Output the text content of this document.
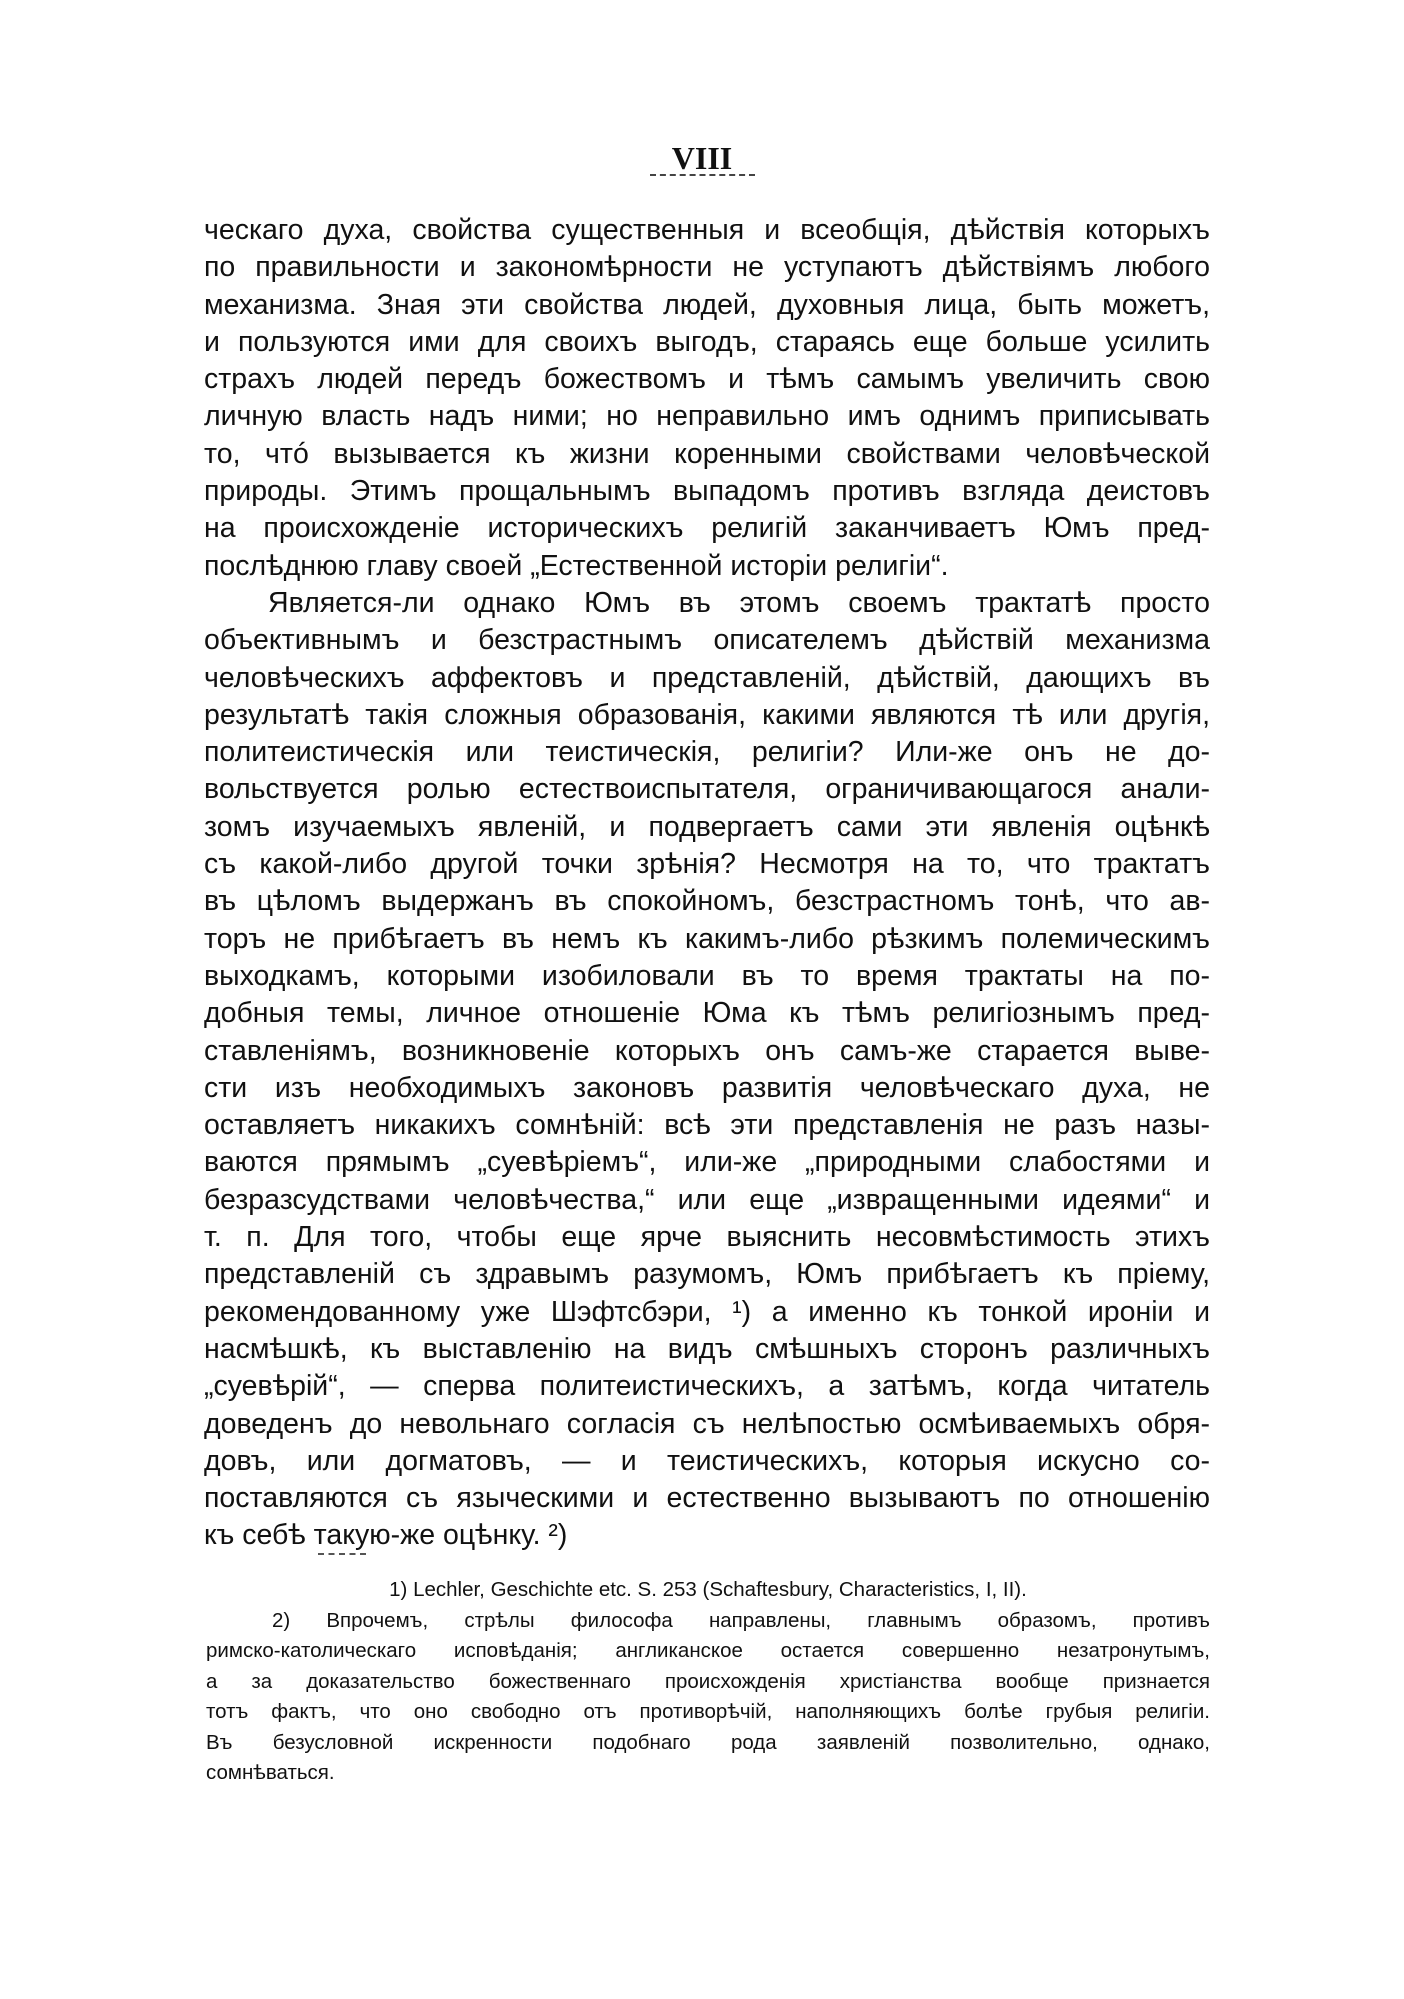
VIII
ческаго духа, свойства существенныя и всеобщія, дѣйствія которыхъ
по правильности и закономѣрности не уступаютъ дѣйствіямъ любого
механизма. Зная эти свойства людей, духовныя лица, быть можетъ,
и пользуются ими для своихъ выгодъ, стараясь еще больше усилить
страхъ людей передъ божествомъ и тѣмъ самымъ увеличить свою
личную власть надъ ними; но неправильно имъ однимъ приписывать
то, чтó вызывается къ жизни коренными свойствами человѣческой
природы. Этимъ прощальнымъ выпадомъ противъ взгляда деистовъ
на происхожденіе историческихъ религій заканчиваетъ Юмъ пред-
послѣднюю главу своей „Естественной исторіи религіи“.
Является-ли однако Юмъ въ этомъ своемъ трактатѣ просто
объективнымъ и безстрастнымъ описателемъ дѣйствій механизма
человѣческихъ аффектовъ и представленій, дѣйствій, дающихъ въ
результатѣ такія сложныя образованія, какими являются тѣ или другія,
политеистическія или теистическія, религіи? Или-же онъ не до-
вольствуется ролью естествоиспытателя, ограничивающагося анали-
зомъ изучаемыхъ явленій, и подвергаетъ сами эти явленія оцѣнкѣ
съ какой-либо другой точки зрѣнія? Несмотря на то, что трактатъ
въ цѣломъ выдержанъ въ спокойномъ, безстрастномъ тонѣ, что ав-
торъ не прибѣгаетъ въ немъ къ какимъ-либо рѣзкимъ полемическимъ
выходкамъ, которыми изобиловали въ то время трактаты на по-
добныя темы, личное отношеніе Юма къ тѣмъ религіознымъ пред-
ставленіямъ, возникновеніе которыхъ онъ самъ-же старается выве-
сти изъ необходимыхъ законовъ развитія человѣческаго духа, не
оставляетъ никакихъ сомнѣній: всѣ эти представленія не разъ назы-
ваются прямымъ „суевѣріемъ“, или-же „природными слабостями и
безразсудствами человѣчества,“ или еще „извращенными идеями“ и
т. п. Для того, чтобы еще ярче выяснить несовмѣстимость этихъ
представленій съ здравымъ разумомъ, Юмъ прибѣгаетъ къ пріему,
рекомендованному уже Шэфтсбэри, ¹) а именно къ тонкой ироніи и
насмѣшкѣ, къ выставленію на видъ смѣшныхъ сторонъ различныхъ
„суевѣрій“, — сперва политеистическихъ, а затѣмъ, когда читатель
доведенъ до невольнаго согласія съ нелѣпостью осмѣиваемыхъ обря-
довъ, или догматовъ, — и теистическихъ, которыя искусно со-
поставляются съ языческими и естественно вызываютъ по отношенію
къ себѣ такую-же оцѣнку. ²)
1) Lechler, Geschichte etc. S. 253 (Schaftesbury, Characteristics, I, II).
2) Впрочемъ, стрѣлы философа направлены, главнымъ образомъ, противъ
римско-католическаго исповѣданія; англиканское остается совершенно незатронутымъ,
а за доказательство божественнаго происхожденія христіанства вообще признается
тотъ фактъ, что оно свободно отъ противорѣчій, наполняющихъ болѣе грубыя религіи.
Въ безусловной искренности подобнаго рода заявленій позволительно, однако,
сомнѣваться.
